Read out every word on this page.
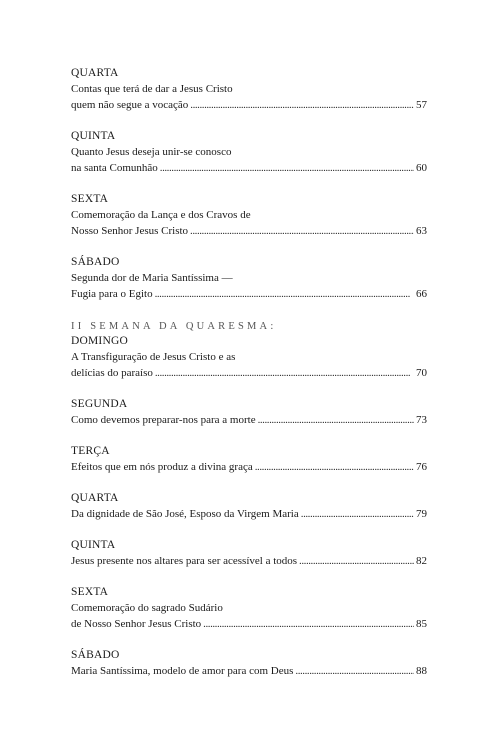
QUARTA

Contas que terá de dar a Jesus Cristo

quem não segue a vocação . . .	57

QUINTA

Quanto Jesus deseja unir-se conosco

na santa Comunhão . . .	60

SEXTA

Comemoração da Lança e dos Cravos de

Nosso Senhor Jesus Cristo . . .	63

SÁBADO

Segunda dor de Maria Santíssima —

Fugia para o Egito . . .	66

II SEMANA DA QUARESMA:

DOMINGO

A Transfiguração de Jesus Cristo e as

delícias do paraíso . . .	70

SEGUNDA

Como devemos preparar-nos para a morte . . .	73

TERÇA

Efeitos que em nós produz a divina graça . . .	76

QUARTA

Da dignidade de São José, Esposo da Virgem Maria . . .	79

QUINTA

Jesus presente nos altares para ser acessível a todos . . .	82

SEXTA

Comemoração do sagrado Sudário

de Nosso Senhor Jesus Cristo . . .	85

SÁBADO

Maria Santíssima, modelo de amor para com Deus . . .	88
